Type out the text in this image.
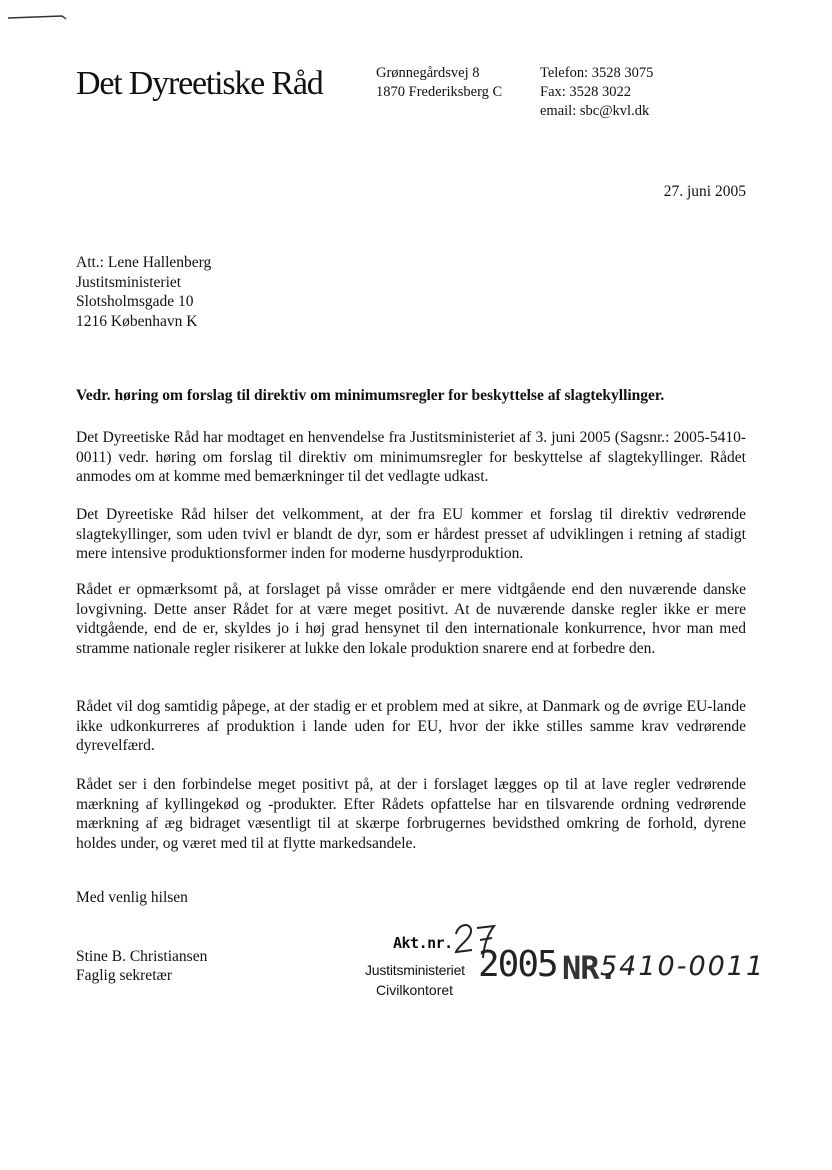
Det Dyreetiske Råd	Grønnegårdsvej 8
1870 Frederiksberg C
Telefon: 3528 3075
Fax: 3528 3022
email: sbc@kvl.dk
27. juni 2005
Att.: Lene Hallenberg
Justitsministeriet
Slotsholmsgade 10
1216 København K
Vedr. høring om forslag til direktiv om minimumsregler for beskyttelse af slagtekyllinger.
Det Dyreetiske Råd har modtaget en henvendelse fra Justitsministeriet af 3. juni 2005 (Sagsnr.: 2005-5410-0011) vedr. høring om forslag til direktiv om minimumsregler for beskyttelse af slagtekyllinger. Rådet anmodes om at komme med bemærkninger til det vedlagte udkast.
Det Dyreetiske Råd hilser det velkomment, at der fra EU kommer et forslag til direktiv vedrørende slagtekyllinger, som uden tvivl er blandt de dyr, som er hårdest presset af udviklingen i retning af stadigt mere intensive produktionsformer inden for moderne husdyrproduktion.
Rådet er opmærksomt på, at forslaget på visse områder er mere vidtgående end den nuværende danske lovgivning. Dette anser Rådet for at være meget positivt. At de nuværende danske regler ikke er mere vidtgående, end de er, skyldes jo i høj grad hensynet til den internationale konkurrence, hvor man med stramme nationale regler risikerer at lukke den lokale produktion snarere end at forbedre den.
Rådet vil dog samtidig påpege, at der stadig er et problem med at sikre, at Danmark og de øvrige EU-lande ikke udkonkurreres af produktion i lande uden for EU, hvor der ikke stilles samme krav vedrørende dyrevelfærd.
Rådet ser i den forbindelse meget positivt på, at der i forslaget lægges op til at lave regler vedrørende mærkning af kyllingekød og -produkter. Efter Rådets opfattelse har en tilsvarende ordning vedrørende mærkning af æg bidraget væsentligt til at skærpe forbrugernes bevidsthed omkring de forhold, dyrene holdes under, og været med til at flytte markedsandele.
Med venlig hilsen
Stine B. Christiansen
Faglig sekretær
Akt.nr.
Justitsministeriet
Civilkontoret
2005 NR.
5410-0011
